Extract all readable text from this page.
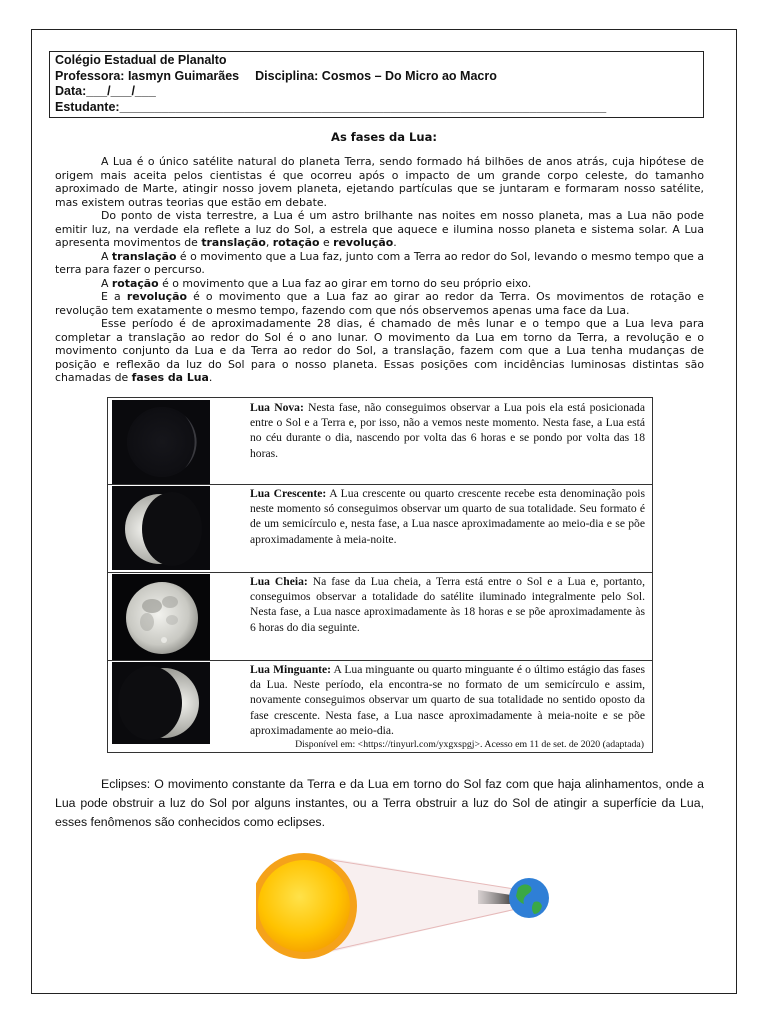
Colégio Estadual de Planalto
Professora: Iasmyn Guimarães Disciplina: Cosmos – Do Micro ao Macro
Data:___/___/___
Estudante:______________________________________________________________________
As fases da Lua:

A Lua é o único satélite natural do planeta Terra, sendo formado há bilhões de anos atrás, cuja hipótese de origem mais aceita pelos cientistas é que ocorreu após o impacto de um grande corpo celeste, do tamanho aproximado de Marte, atingir nosso jovem planeta, ejetando partículas que se juntaram e formaram nosso satélite, mas existem outras teorias que estão em debate.

Do ponto de vista terrestre, a Lua é um astro brilhante nas noites em nosso planeta, mas a Lua não pode emitir luz, na verdade ela reflete a luz do Sol, a estrela que aquece e ilumina nosso planeta e sistema solar. A Lua apresenta movimentos de translação, rotação e revolução.

A translação é o movimento que a Lua faz, junto com a Terra ao redor do Sol, levando o mesmo tempo que a terra para fazer o percurso.

A rotação é o movimento que a Lua faz ao girar em torno do seu próprio eixo.

E a revolução é o movimento que a Lua faz ao girar ao redor da Terra. Os movimentos de rotação e revolução tem exatamente o mesmo tempo, fazendo com que nós observemos apenas uma face da Lua.

Esse período é de aproximadamente 28 dias, é chamado de mês lunar e o tempo que a Lua leva para completar a translação ao redor do Sol é o ano lunar. O movimento da Lua em torno da Terra, a revolução e o movimento conjunto da Lua e da Terra ao redor do Sol, a translação, fazem com que a Lua tenha mudanças de posição e reflexão da luz do Sol para o nosso planeta. Essas posições com incidências luminosas distintas são chamadas de fases da Lua.

Lua Nova: Nesta fase, não conseguimos observar a Lua pois ela está posicionada entre o Sol e a Terra e, por isso, não a vemos neste momento. Nesta fase, a Lua está no céu durante o dia, nascendo por volta das 6 horas e se pondo por volta das 18 horas.
Lua Crescente: A Lua crescente ou quarto crescente recebe esta denominação pois neste momento só conseguimos observar um quarto de sua totalidade. Seu formato é de um semicírculo e, nesta fase, a Lua nasce aproximadamente ao meio-dia e se põe aproximadamente à meia-noite.
Lua Cheia: Na fase da Lua cheia, a Terra está entre o Sol e a Lua e, portanto, conseguimos observar a totalidade do satélite iluminado integralmente pelo Sol. Nesta fase, a Lua nasce aproximadamente às 18 horas e se põe aproximadamente às 6 horas do dia seguinte.
Lua Minguante: A Lua minguante ou quarto minguante é o último estágio das fases da Lua. Neste período, ela encontra-se no formato de um semicírculo e assim, novamente conseguimos observar um quarto de sua totalidade no sentido oposto da fase crescente. Nesta fase, a Lua nasce aproximadamente à meia-noite e se põe aproximadamente ao meio-dia.
Disponível em: <https://tinyurl.com/yxgxspgj>. Acesso em 11 de set. de 2020 (adaptada)

Eclipses: O movimento constante da Terra e da Lua em torno do Sol faz com que haja alinhamentos, onde a Lua pode obstruir a luz do Sol por alguns instantes, ou a Terra obstruir a luz do Sol de atingir a superfície da Lua, esses fenômenos são conhecidos como eclipses.
